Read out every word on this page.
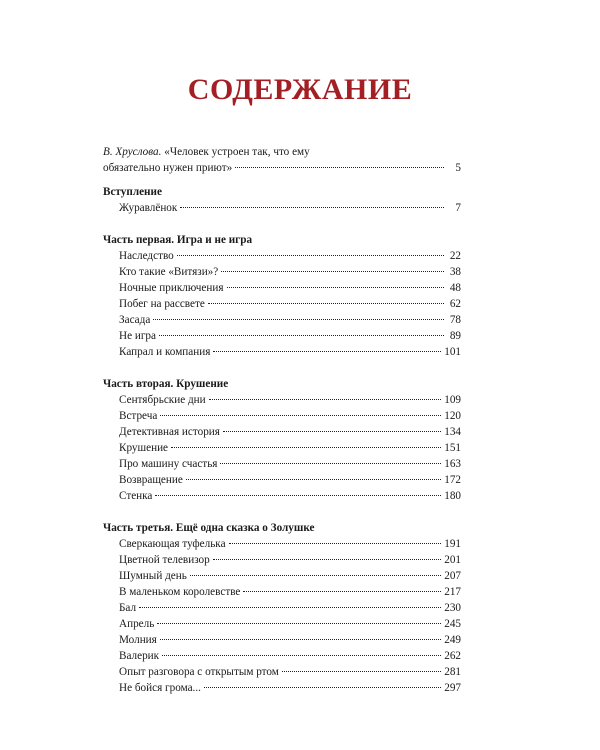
СОДЕРЖАНИЕ
В. Хруслова. «Человек устроен так, что ему
обязательно нужен приют»	5
Вступление
Журавлёнок	7
Часть первая. Игра и не игра
Наследство	22
Кто такие «Витязи»?	38
Ночные приключения	48
Побег на рассвете	62
Засада	78
Не игра	89
Капрал и компания	101
Часть вторая. Крушение
Сентябрьские дни	109
Встреча	120
Детективная история	134
Крушение	151
Про машину счастья	163
Возвращение	172
Стенка	180
Часть третья. Ещё одна сказка о Золушке
Сверкающая туфелька	191
Цветной телевизор	201
Шумный день	207
В маленьком королевстве	217
Бал	230
Апрель	245
Молния	249
Валерик	262
Опыт разговора с открытым ртом	281
Не бойся грома...	297
